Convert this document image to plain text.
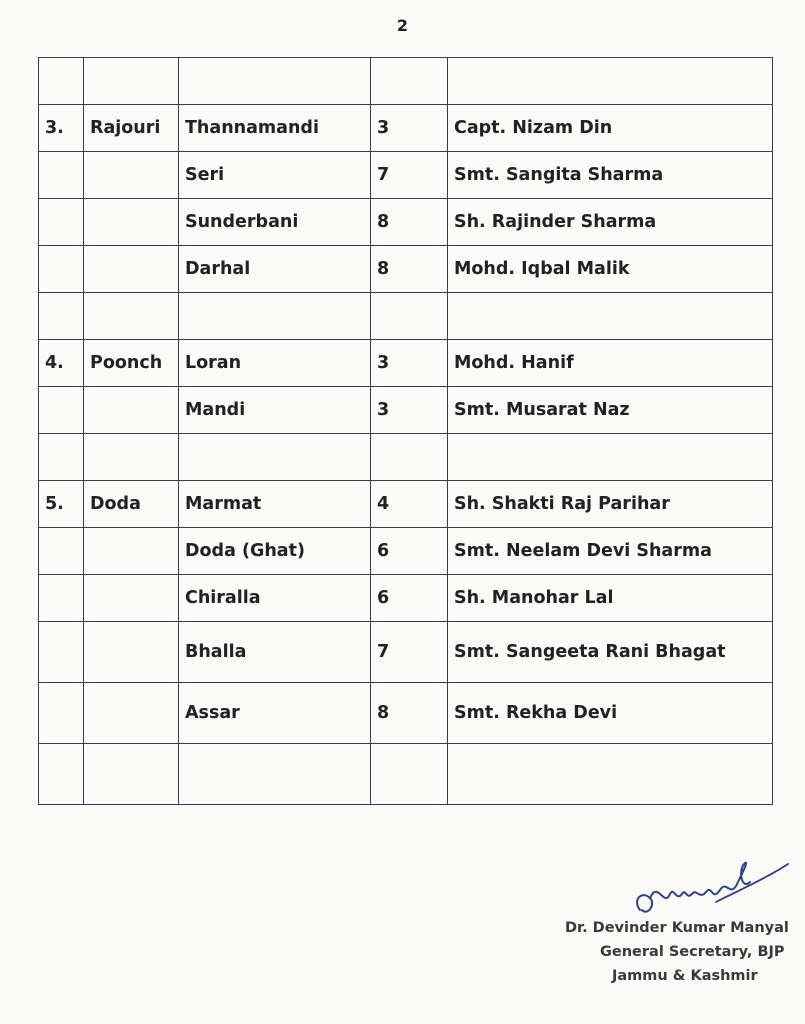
2

3.	Rajouri	Thannamandi	3	Capt. Nizam Din
		Seri	7	Smt. Sangita Sharma
		Sunderbani	8	Sh. Rajinder Sharma
		Darhal	8	Mohd. Iqbal Malik

4.	Poonch	Loran	3	Mohd. Hanif
		Mandi	3	Smt. Musarat Naz

5.	Doda	Marmat	4	Sh. Shakti Raj Parihar
		Doda (Ghat)	6	Smt. Neelam Devi Sharma
		Chiralla	6	Sh. Manohar Lal
		Bhalla	7	Smt. Sangeeta Rani Bhagat
		Assar	8	Smt. Rekha Devi

Dr. Devinder Kumar Manyal
General Secretary, BJP
Jammu & Kashmir
